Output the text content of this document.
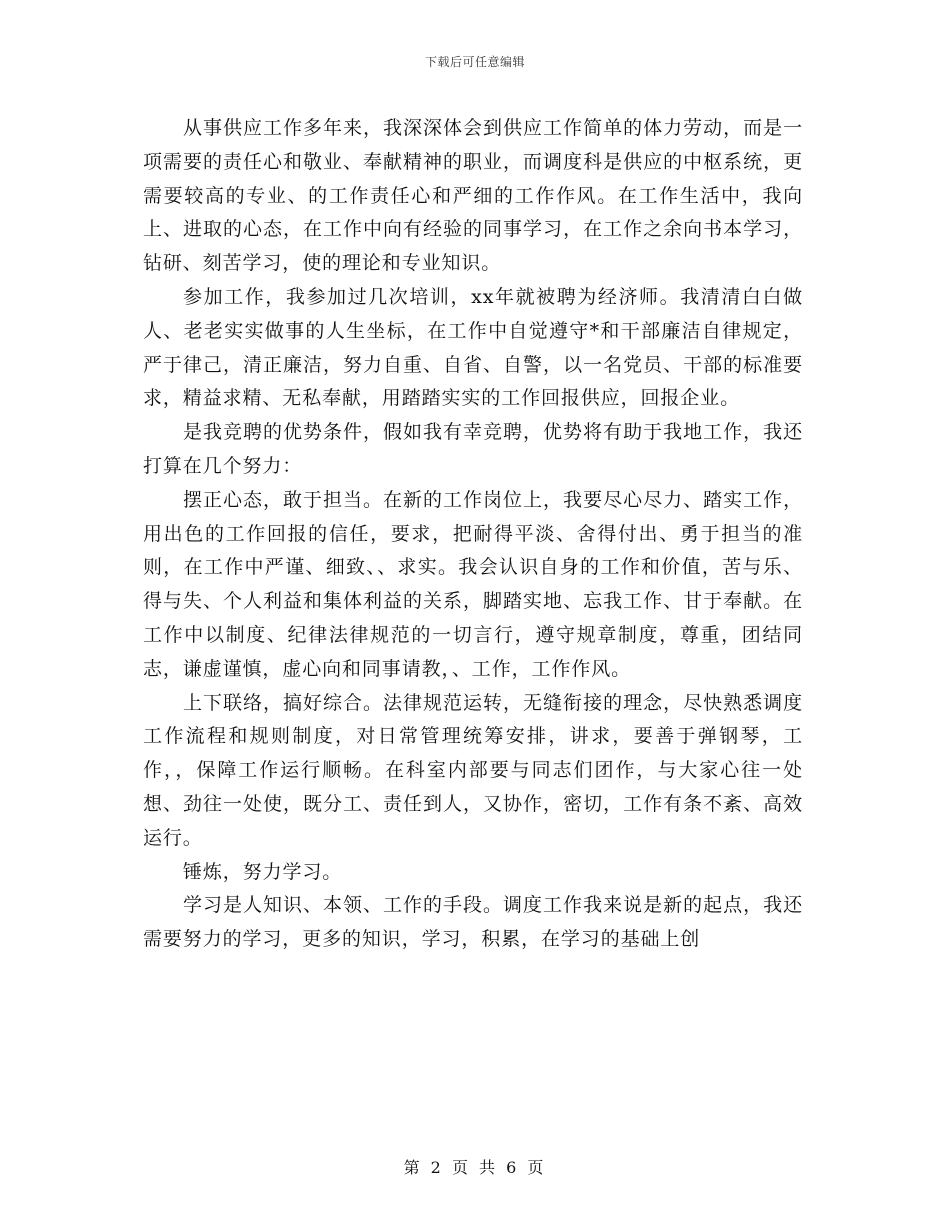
下载后可任意编辑

从事供应工作多年来，我深深体会到供应工作简单的体力劳动，而是一项需要的责任心和敬业、奉献精神的职业，而调度科是供应的中枢系统，更需要较高的专业、的工作责任心和严细的工作作风。在工作生活中，我向上、进取的心态，在工作中向有经验的同事学习，在工作之余向书本学习，钻研、刻苦学习，使的理论和专业知识。

参加工作，我参加过几次培训，xx年就被聘为经济师。我清清白白做人、老老实实做事的人生坐标，在工作中自觉遵守*和干部廉洁自律规定，严于律己，清正廉洁，努力自重、自省、自警，以一名党员、干部的标准要求，精益求精、无私奉献，用踏踏实实的工作回报供应，回报企业。

是我竞聘的优势条件，假如我有幸竞聘，优势将有助于我地工作，我还打算在几个努力：

摆正心态，敢于担当。在新的工作岗位上，我要尽心尽力、踏实工作，用出色的工作回报的信任，要求，把耐得平淡、舍得付出、勇于担当的准则，在工作中严谨、细致、、求实。我会认识自身的工作和价值，苦与乐、得与失、个人利益和集体利益的关系，脚踏实地、忘我工作、甘于奉献。在工作中以制度、纪律法律规范的一切言行，遵守规章制度，尊重，团结同志，谦虚谨慎，虚心向和同事请教，、工作，工作作风。

上下联络，搞好综合。法律规范运转，无缝衔接的理念，尽快熟悉调度工作流程和规则制度，对日常管理统筹安排，讲求，要善于弹钢琴，工作，，保障工作运行顺畅。在科室内部要与同志们团作，与大家心往一处想、劲往一处使，既分工、责任到人，又协作，密切，工作有条不紊、高效运行。

锤炼，努力学习。

学习是人知识、本领、工作的手段。调度工作我来说是新的起点，我还需要努力的学习，更多的知识，学习，积累，在学习的基础上创

第 2 页 共 6 页
